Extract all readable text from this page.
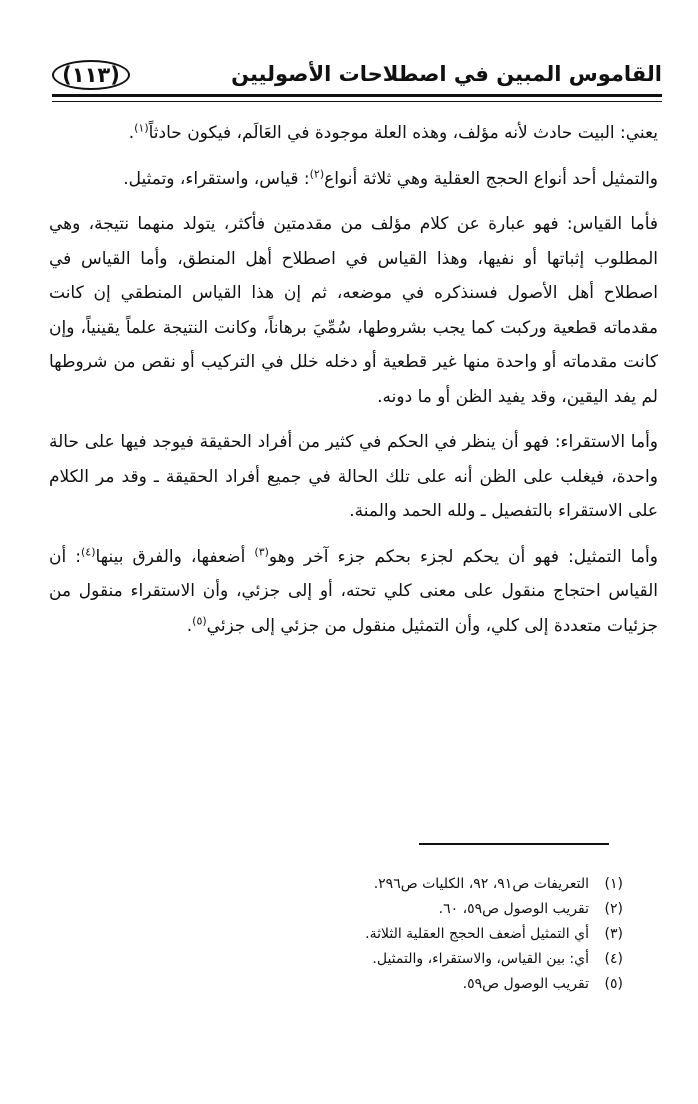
(١١٣)	القاموس المبين في اصطلاحات الأصوليين

يعني: البيت حادث لأنه مؤلف، وهذه العلة موجودة في العَالَم، فيكون حادثاً$^{(١)}$.

والتمثيل أحد أنواع الحجج العقلية وهي ثلاثة أنواع$^{(٢)}$: قياس، واستقراء، وتمثيل.

فأما القياس: فهو عبارة عن كلام مؤلف من مقدمتين فأكثر، يتولد منهما نتيجة، وهي المطلوب إثباتها أو نفيها، وهذا القياس في اصطلاح أهل المنطق، وأما القياس في اصطلاح أهل الأصول فسنذكره في موضعه، ثم إن هذا القياس المنطقي إن كانت مقدماته قطعية وركبت كما يجب بشروطها، سُمِّيَ برهاناً، وكانت النتيجة علماً يقينياً، وإن كانت مقدماته أو واحدة منها غير قطعية أو دخله خلل في التركيب أو نقص من شروطها لم يفد اليقين، وقد يفيد الظن أو ما دونه.

وأما الاستقراء: فهو أن ينظر في الحكم في كثير من أفراد الحقيقة فيوجد فيها على حالة واحدة، فيغلب على الظن أنه على تلك الحالة في جميع أفراد الحقيقة ـ وقد مر الكلام على الاستقراء بالتفصيل ـ ولله الحمد والمنة.

وأما التمثيل: فهو أن يحكم لجزء بحكم جزء آخر وهو$^{(٣)}$ أضعفها، والفرق بينها$^{(٤)}$: أن القياس احتجاج منقول على معنى كلي تحته، أو إلى جزئي، وأن الاستقراء منقول من جزئيات متعددة إلى كلي، وأن التمثيل منقول من جزئي إلى جزئي$^{(٥)}$.

(١)
التعريفات ص٩١، ٩٢، الكليات ص٢٩٦.
(٢)
تقريب الوصول ص٥٩، ٦٠.
(٣)
أي التمثيل أضعف الحجج العقلية الثلاثة.
(٤)
أي: بين القياس، والاستقراء، والتمثيل.
(٥)
تقريب الوصول ص٥٩.
